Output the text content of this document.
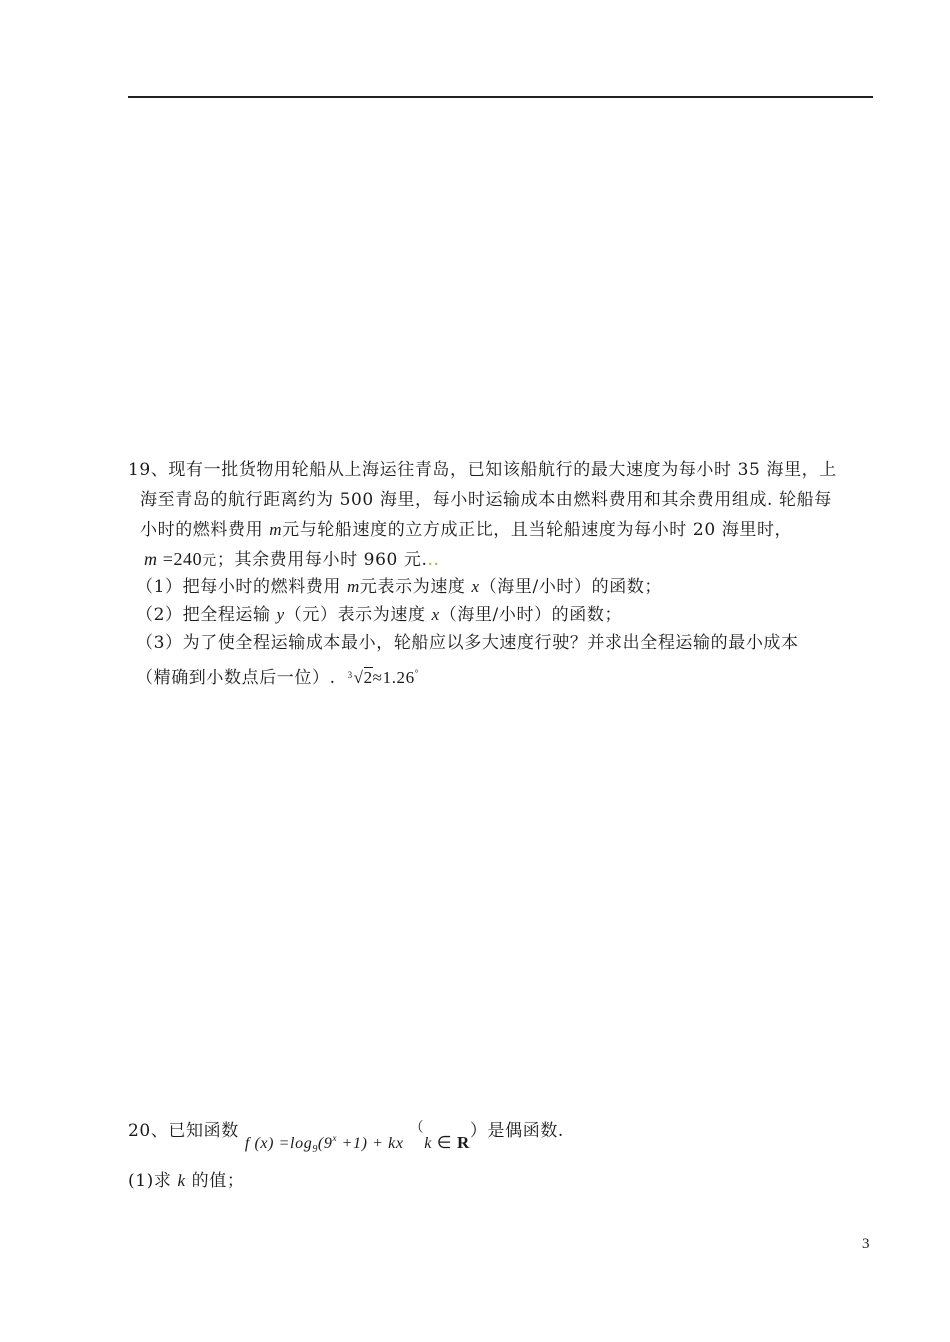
19、现有一批货物用轮船从上海运往青岛，已知该船航行的最大速度为每小时 35 海里，上
海至青岛的航行距离约为 500 海里，每小时运输成本由燃料费用和其余费用组成. 轮船每
小时的燃料费用 m元与轮船速度的立方成正比，且当轮船速度为每小时 20 海里时，
m =240元；其余费用每小时 960 元...
（1）把每小时的燃料费用 m元表示为速度 x（海里/小时）的函数；
（2）把全程运输 y（元）表示为速度 x（海里/小时）的函数；
（3）为了使全程运输成本最小，轮船应以多大速度行驶？并求出全程运输的最小成本
（精确到小数点后一位）. 3 √2≈1.26°
20、已知函数 f $(x) =\log_9(9^x +1)$ + kx （k ∈ R）是偶函数.
(1)求 k 的值；
3
